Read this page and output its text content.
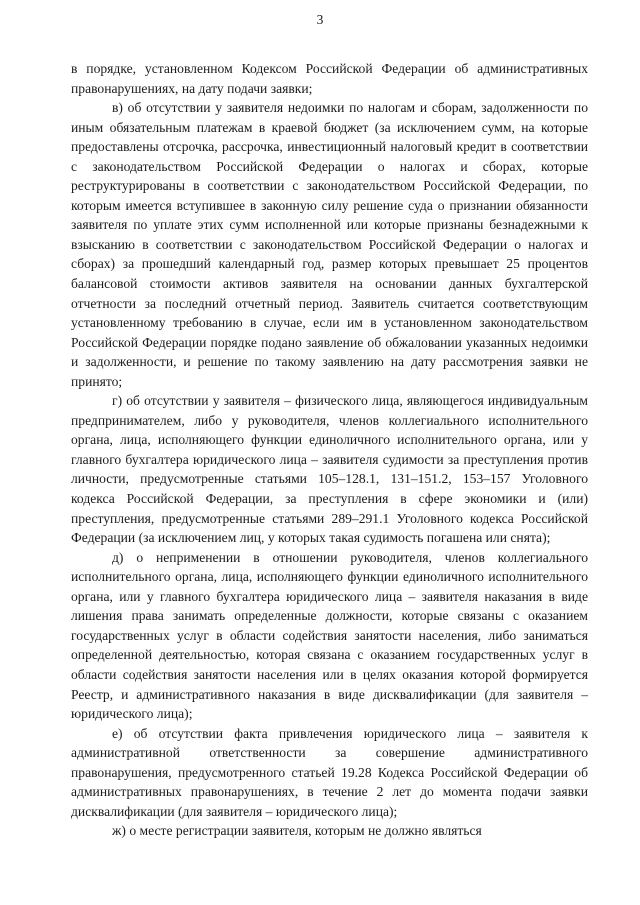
3

в порядке, установленном Кодексом Российской Федерации об административных правонарушениях, на дату подачи заявки;

в) об отсутствии у заявителя недоимки по налогам и сборам, задолженности по иным обязательным платежам в краевой бюджет (за исключением сумм, на которые предоставлены отсрочка, рассрочка, инвестиционный налоговый кредит в соответствии с законодательством Российской Федерации о налогах и сборах, которые реструктурированы в соответствии с законодательством Российской Федерации, по которым имеется вступившее в законную силу решение суда о признании обязанности заявителя по уплате этих сумм исполненной или которые признаны безнадежными к взысканию в соответствии с законодательством Российской Федерации о налогах и сборах) за прошедший календарный год, размер которых превышает 25 процентов балансовой стоимости активов заявителя на основании данных бухгалтерской отчетности за последний отчетный период. Заявитель считается соответствующим установленному требованию в случае, если им в установленном законодательством Российской Федерации порядке подано заявление об обжаловании указанных недоимки и задолженности, и решение по такому заявлению на дату рассмотрения заявки не принято;

г) об отсутствии у заявителя – физического лица, являющегося индивидуальным предпринимателем, либо у руководителя, членов коллегиального исполнительного органа, лица, исполняющего функции единоличного исполнительного органа, или у главного бухгалтера юридического лица – заявителя судимости за преступления против личности, предусмотренные статьями 105–128.1, 131–151.2, 153–157 Уголовного кодекса Российской Федерации, за преступления в сфере экономики и (или) преступления, предусмотренные статьями 289–291.1 Уголовного кодекса Российской Федерации (за исключением лиц, у которых такая судимость погашена или снята);

д) о неприменении в отношении руководителя, членов коллегиального исполнительного органа, лица, исполняющего функции единоличного исполнительного органа, или у главного бухгалтера юридического лица – заявителя наказания в виде лишения права занимать определенные должности, которые связаны с оказанием государственных услуг в области содействия занятости населения, либо заниматься определенной деятельностью, которая связана с оказанием государственных услуг в области содействия занятости населения или в целях оказания которой формируется Реестр, и административного наказания в виде дисквалификации (для заявителя – юридического лица);

е) об отсутствии факта привлечения юридического лица – заявителя к административной ответственности за совершение административного правонарушения, предусмотренного статьей 19.28 Кодекса Российской Федерации об административных правонарушениях, в течение 2 лет до момента подачи заявки дисквалификации (для заявителя – юридического лица);

ж) о месте регистрации заявителя, которым не должно являться
